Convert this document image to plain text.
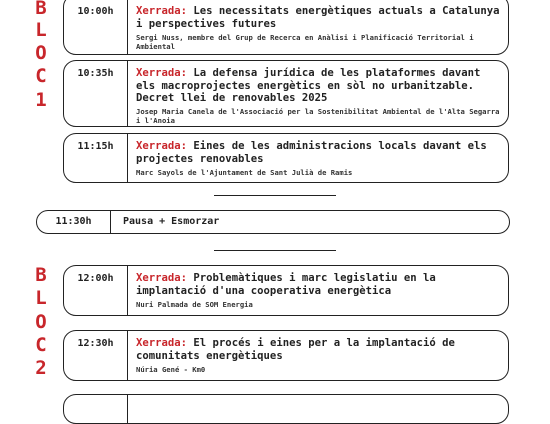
B
L
O
C
1
10:00h	Xerrada: Les necessitats energètiques actuals a Catalunya i perspectives futures
Sergi Nuss, membre del Grup de Recerca en Anàlisi i Planificació Territorial i Ambiental
10:35h	Xerrada: La defensa jurídica de les plataformes davant els macroprojectes energètics en sòl no urbanitzable. Decret llei de renovables 2025
Josep Maria Canela de l'Associació per la Sostenibilitat Ambiental de l'Alta Segarra i l'Anoia
11:15h	Xerrada: Eines de les administracions locals davant els projectes renovables
Marc Sayols de l'Ajuntament de Sant Julià de Ramis
11:30h	Pausa + Esmorzar
B
L
O
C
2
12:00h	Xerrada: Problemàtiques i marc legislatiu en la implantació d'una cooperativa energètica
Nuri Palmada de SOM Energia
12:30h	Xerrada: El procés i eines per a la implantació de comunitats energètiques
Núria Gené - Km0
